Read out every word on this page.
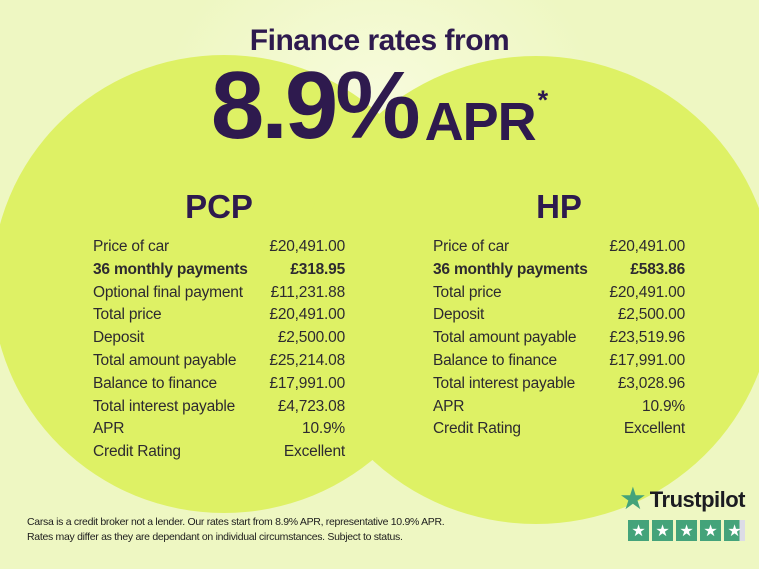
Finance rates from
8.9% APR *
PCP
Price of car	£20,491.00
36 monthly payments	£318.95
Optional final payment £11,231.88
Total price	£20,491.00
Deposit	£2,500.00
Total amount payable £25,214.08
Balance to finance	£17,991.00
Total interest payable	£4,723.08
APR	10.9%
Credit Rating	Excellent
HP
Price of car	£20,491.00
36 monthly payments	£583.86
Total price	£20,491.00
Deposit	£2,500.00
Total amount payable £23,519.96
Balance to finance	£17,991.00
Total interest payable	£3,028.96
APR	10.9%
Credit Rating	Excellent
Carsa is a credit broker not a lender. Our rates start from 8.9% APR, representative 10.9% APR.
Rates may differ as they are dependant on individual circumstances. Subject to status.
★ Trustpilot
★ ★ ★ ★ ★
